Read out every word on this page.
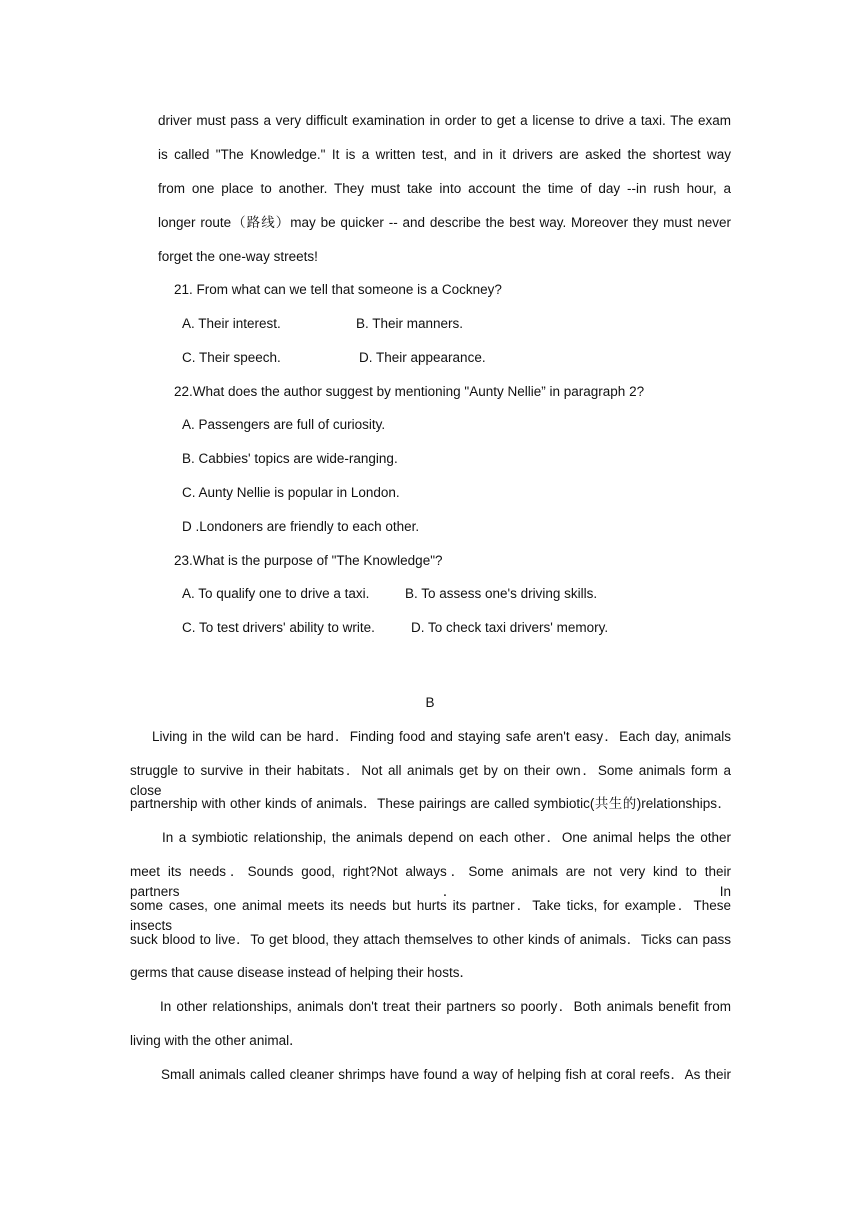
driver must pass a very difficult examination in order to get a license to drive a taxi. The exam
is called "The Knowledge." It is a written test, and in it drivers are asked the shortest way
from one place to another. They must take into account the time of day --in rush hour, a
longer route（路线）may be quicker -- and describe the best way. Moreover they must never
forget the one-way streets!
21. From what can we tell that someone is a Cockney?
A. Their interest.	B. Their manners.
C. Their speech.	D. Their appearance.
22.What does the author suggest by mentioning "Aunty Nellie” in paragraph 2?
A. Passengers are full of curiosity.
B. Cabbies' topics are wide-ranging.
C. Aunty Nellie is popular in London.
D .Londoners are friendly to each other.
23.What is the purpose of "The Knowledge"?
A. To qualify one to drive a taxi.	B. To assess one's driving skills.
C. To test drivers' ability to write.	D. To check taxi drivers' memory.
B
Living in the wild can be hard．Finding food and staying safe aren't easy．Each day, animals
struggle to survive in their habitats．Not all animals get by on their own．Some animals form a close
partnership with other kinds of animals．These pairings are called symbiotic(共生的)relationships．
In a symbiotic relationship, the animals depend on each other．One animal helps the other
meet its needs．Sounds good, right?Not always．Some animals are not very kind to their partners．In
some cases, one animal meets its needs but hurts its partner．Take ticks, for example．These insects
suck blood to live．To get blood, they attach themselves to other kinds of animals．Ticks can pass
germs that cause disease instead of helping their hosts．
In other relationships, animals don't treat their partners so poorly．Both animals benefit from
living with the other animal．
Small animals called cleaner shrimps have found a way of helping fish at coral reefs．As their
